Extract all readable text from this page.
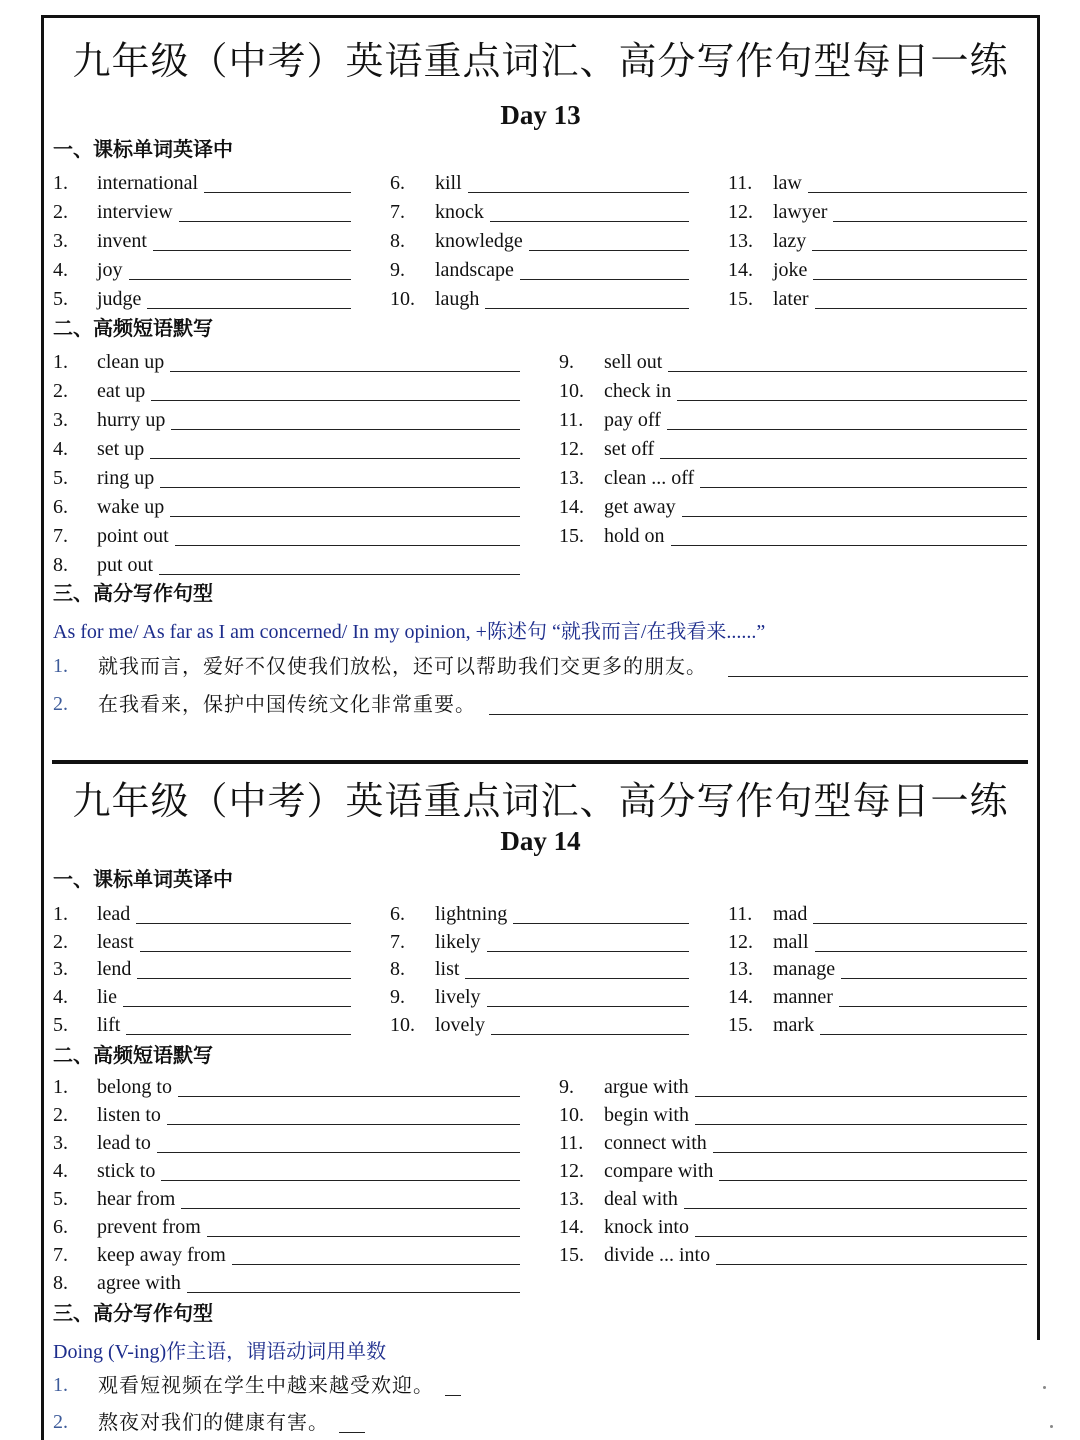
九年级（中考）英语重点词汇、高分写作句型每日一练
Day 13
一、课标单词英译中
1. international
2. interview
3. invent
4. joy
5. judge
6. kill
7. knock
8. knowledge
9. landscape
10. laugh
11. law
12. lawyer
13. lazy
14. joke
15. later
二、高频短语默写
1. clean up
2. eat up
3. hurry up
4. set up
5. ring up
6. wake up
7. point out
8. put out
9. sell out
10. check in
11. pay off
12. set off
13. clean ... off
14. get away
15. hold on
三、高分写作句型
As for me/ As far as I am concerned/ In my opinion, +陈述句 “就我而言/在我看来......”
1. 就我而言，爱好不仅使我们放松，还可以帮助我们交更多的朋友。
2. 在我看来，保护中国传统文化非常重要。
九年级（中考）英语重点词汇、高分写作句型每日一练
Day 14
一、课标单词英译中
1. lead
2. least
3. lend
4. lie
5. lift
6. lightning
7. likely
8. list
9. lively
10. lovely
11. mad
12. mall
13. manage
14. manner
15. mark
二、高频短语默写
1. belong to
2. listen to
3. lead to
4. stick to
5. hear from
6. prevent from
7. keep away from
8. agree with
9. argue with
10. begin with
11. connect with
12. compare with
13. deal with
14. knock into
15. divide ... into
三、高分写作句型
Doing (V-ing)作主语，谓语动词用单数
1. 观看短视频在学生中越来越受欢迎。
2. 熬夜对我们的健康有害。
